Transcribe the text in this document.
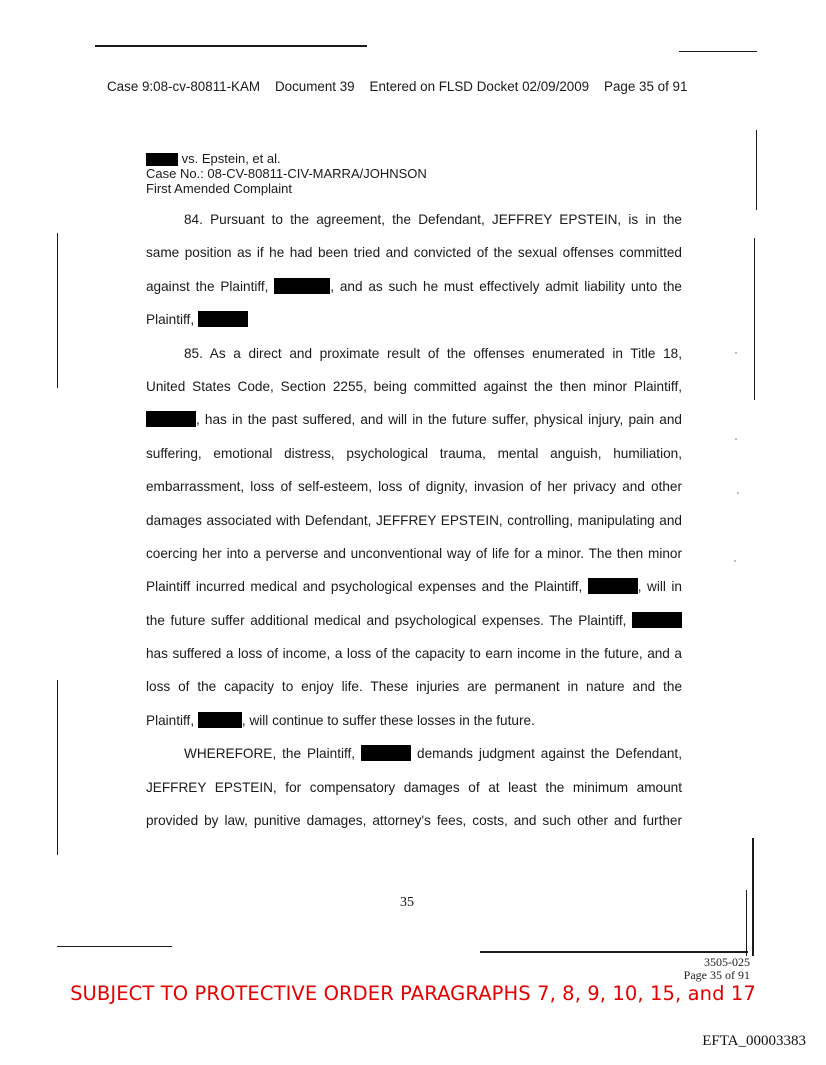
Case 9:08-cv-80811-KAM Document 39 Entered on FLSD Docket 02/09/2009 Page 35 of 91
vs. Epstein, et al.
Case No.: 08-CV-80811-CIV-MARRA/JOHNSON
First Amended Complaint
84. Pursuant to the agreement, the Defendant, JEFFREY EPSTEIN, is in the
same position as if he had been tried and convicted of the sexual offenses committed
against the Plaintiff,	, and as such he must effectively admit liability unto the
Plaintiff,
85. As a direct and proximate result of the offenses enumerated in Title 18,
United States Code, Section 2255, being committed against the then minor Plaintiff,
, has in the past suffered, and will in the future suffer, physical injury, pain and
suffering, emotional distress, psychological trauma, mental anguish, humiliation,
embarrassment, loss of self-esteem, loss of dignity, invasion of her privacy and other
damages associated with Defendant, JEFFREY EPSTEIN, controlling, manipulating and
coercing her into a perverse and unconventional way of life for a minor. The then minor
Plaintiff incurred medical and psychological expenses and the Plaintiff,	, will in
the future suffer additional medical and psychological expenses. The Plaintiff,
has suffered a loss of income, a loss of the capacity to earn income in the future, and a
loss of the capacity to enjoy life. These injuries are permanent in nature and the
Plaintiff,	, will continue to suffer these losses in the future.
WHEREFORE, the Plaintiff,	demands judgment against the Defendant,
JEFFREY EPSTEIN, for compensatory damages of at least the minimum amount
provided by law, punitive damages, attorney's fees, costs, and such other and further
35
3505-025
Page 35 of 91
SUBJECT TO PROTECTIVE ORDER PARAGRAPHS 7, 8, 9, 10, 15, and 17
EFTA_00003383
